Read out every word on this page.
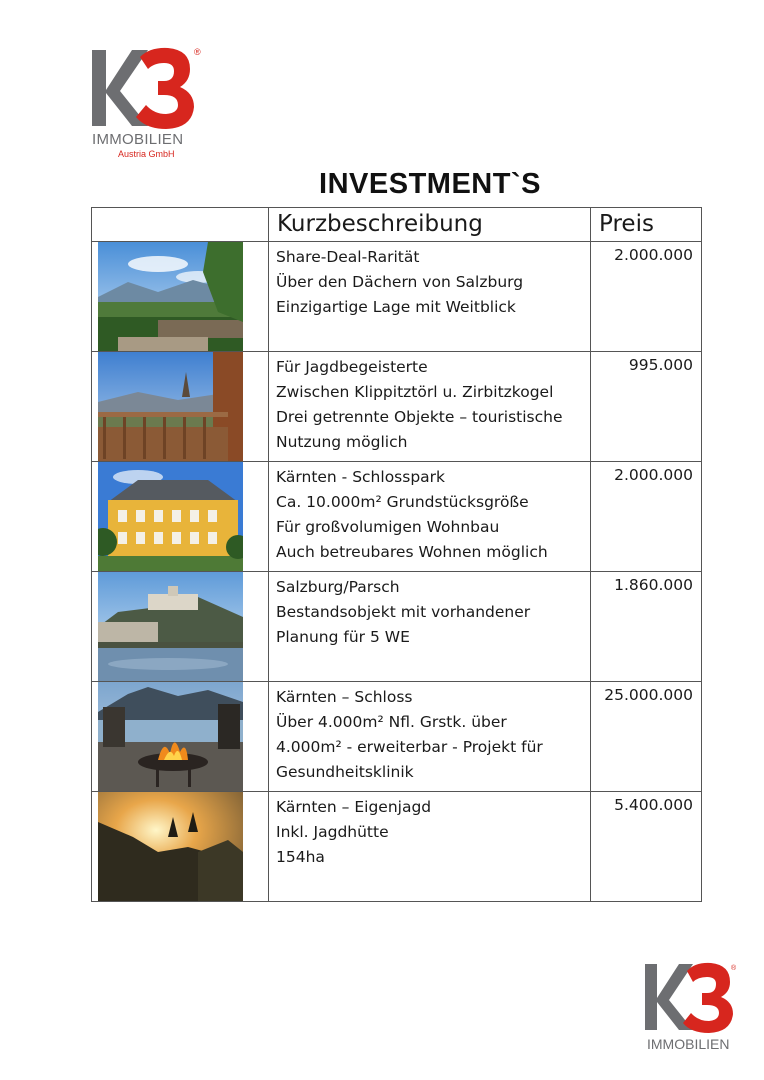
®
IMMOBILIEN
Austria GmbH
INVESTMENT`S

	Kurzbeschreibung	Preis

Share-Deal-Rarität
Über den Dächern von Salzburg
Einzigartige Lage mit Weitblick	2.000.000

Für Jagdbegeisterte
Zwischen Klippitztörl u. Zirbitzkogel
Drei getrennte Objekte – touristische
Nutzung möglich	995.000

Kärnten - Schlosspark
Ca. 10.000m² Grundstücksgröße
Für großvolumigen Wohnbau
Auch betreubares Wohnen möglich	2.000.000

Salzburg/Parsch
Bestandsobjekt mit vorhandener
Planung für 5 WE	1.860.000

Kärnten – Schloss
Über 4.000m² Nfl. Grstk. über
4.000m² - erweiterbar - Projekt für
Gesundheitsklinik	25.000.000

Kärnten – Eigenjagd
Inkl. Jagdhütte
154ha	5.400.000
®
IMMOBILIEN
